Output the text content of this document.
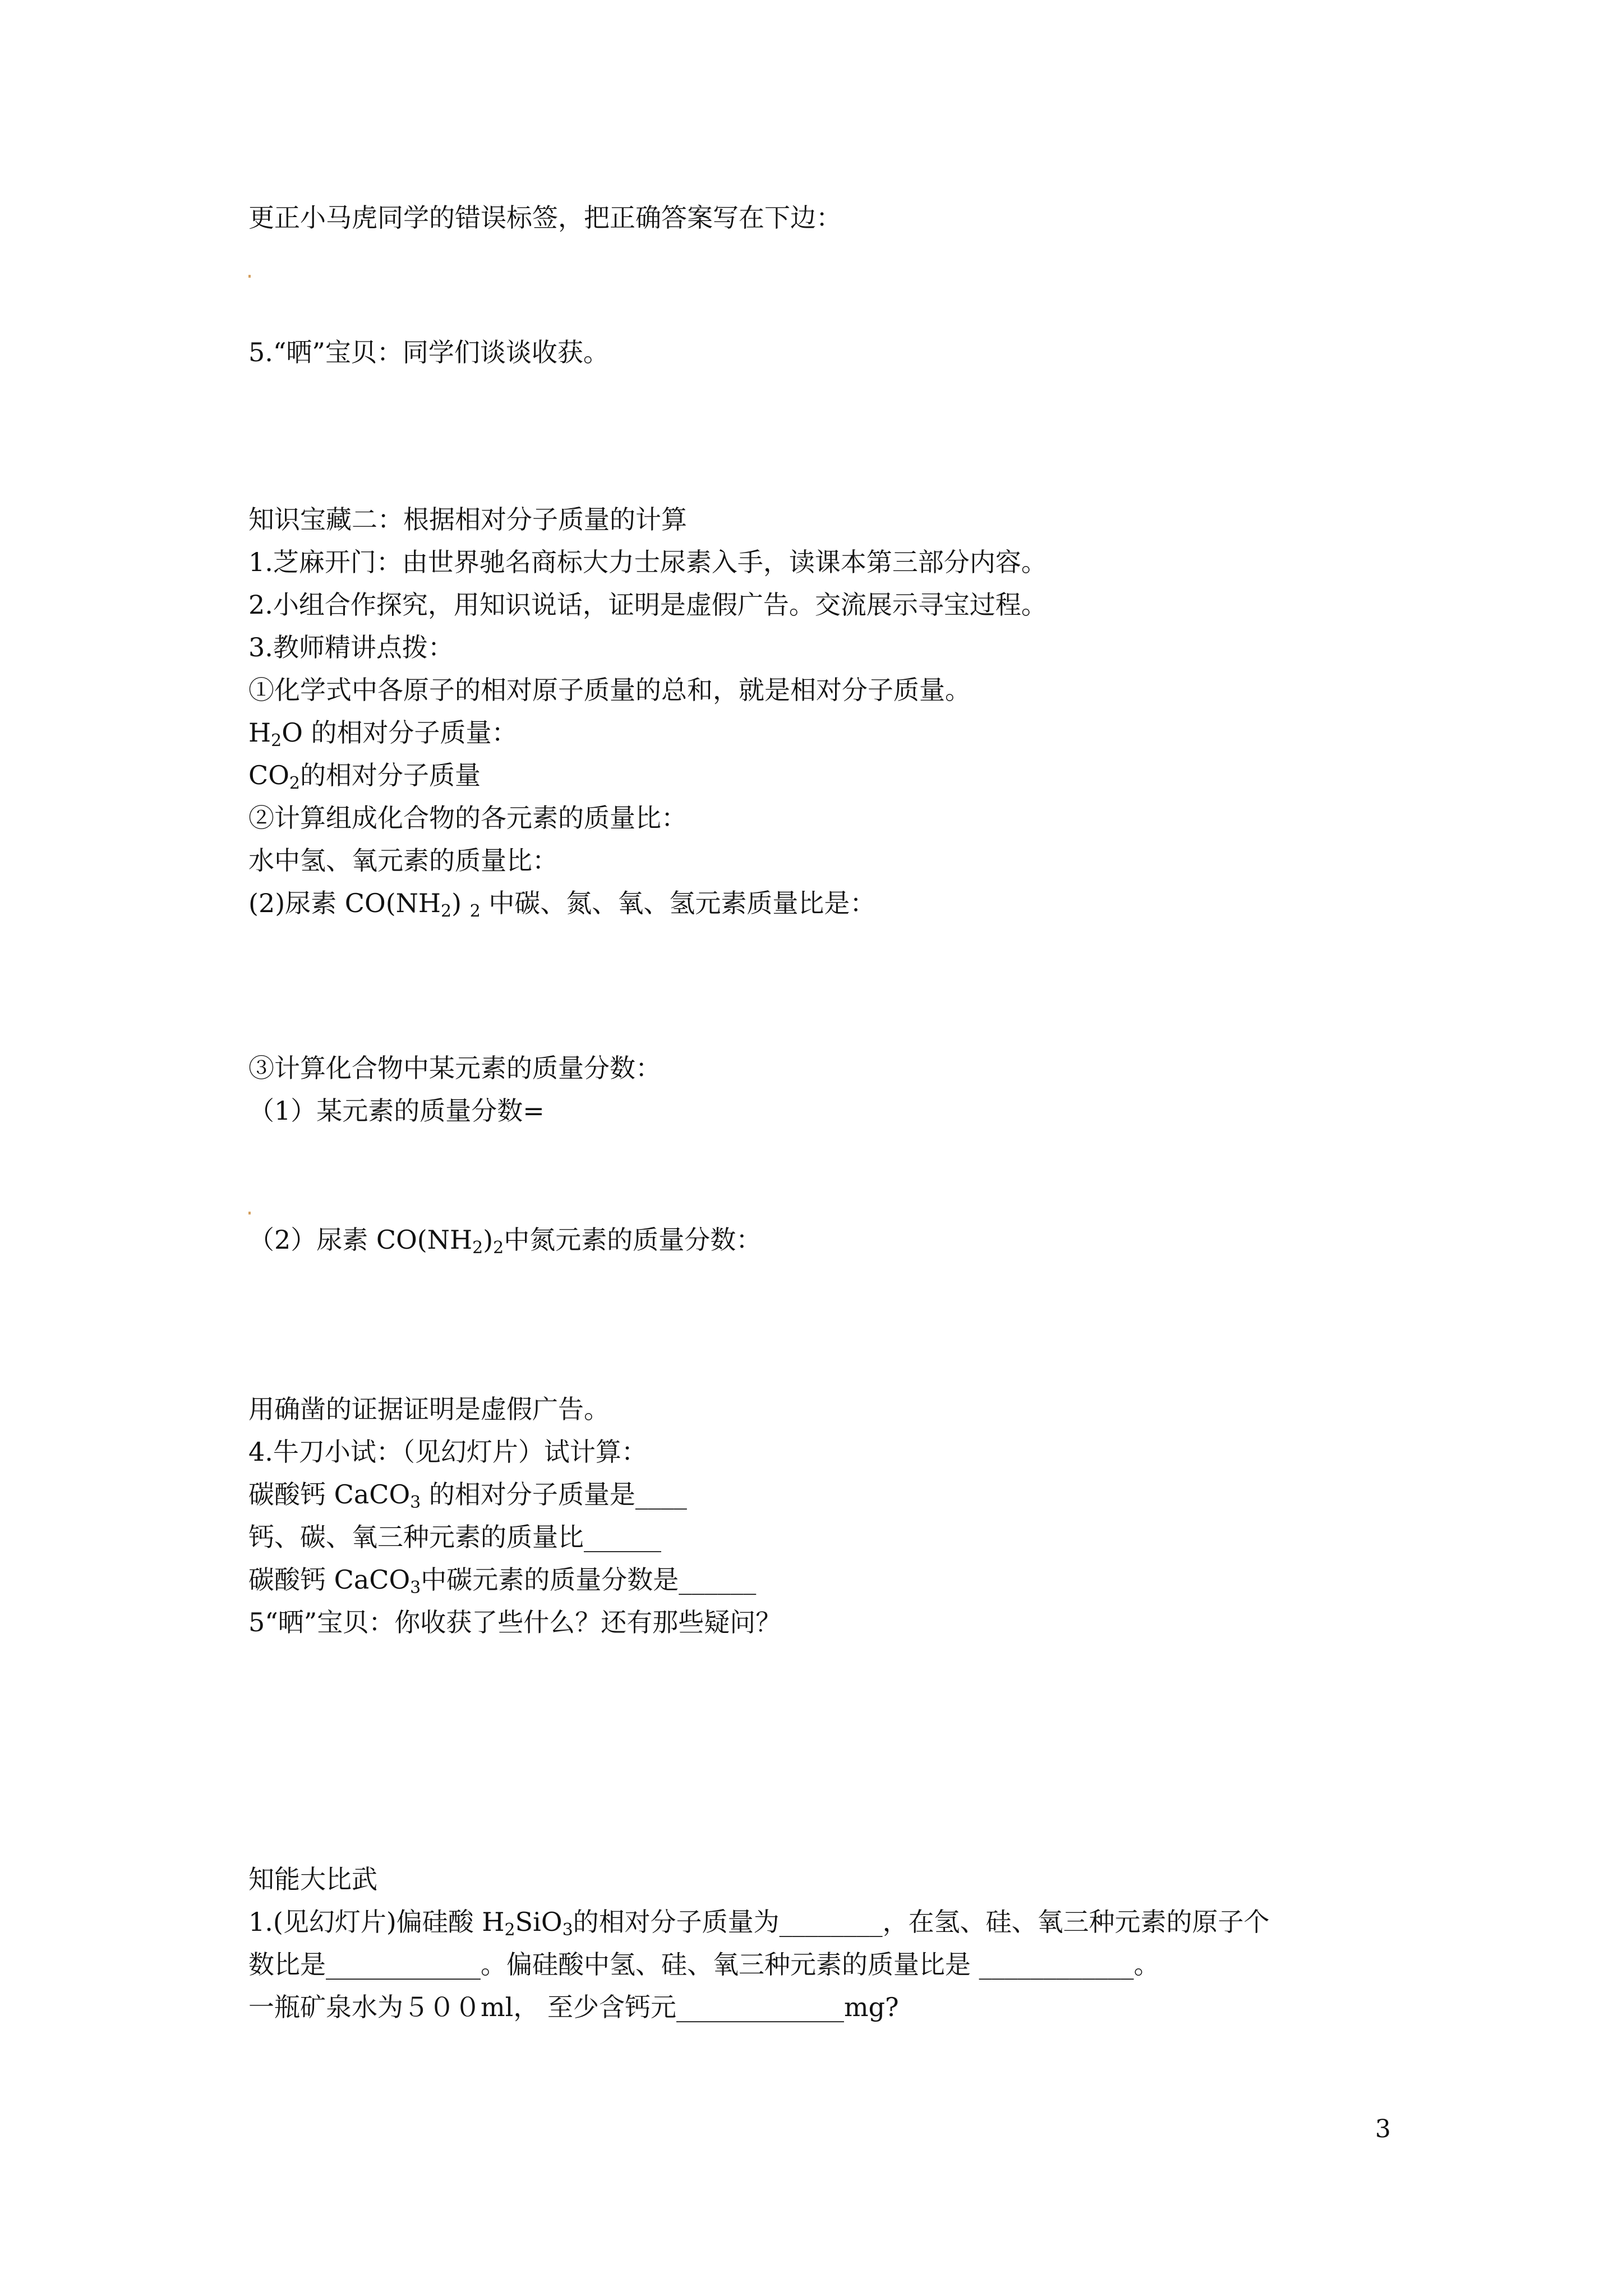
更正小马虎同学的错误标签，把正确答案写在下边：
5.“晒”宝贝：同学们谈谈收获。
知识宝藏二：根据相对分子质量的计算
1.芝麻开门：由世界驰名商标大力士尿素入手，读课本第三部分内容。
2.小组合作探究，用知识说话，证明是虚假广告。交流展示寻宝过程。
3.教师精讲点拨：
①化学式中各原子的相对原子质量的总和，就是相对分子质量。
$H_2O$ 的相对分子质量：
$CO_2$的相对分子质量
②计算组成化合物的各元素的质量比：
水中氢、氧元素的质量比：
(2)尿素 $CO(NH_2)$ $_2$ 中碳、氮、氧、氢元素质量比是：
③计算化合物中某元素的质量分数：
（1）某元素的质量分数=
（2）尿素 $CO(NH_2)_2$中氮元素的质量分数：
用确凿的证据证明是虚假广告。
4.牛刀小试：（见幻灯片）试计算：
碳酸钙 CaCO$_3$ 的相对分子质量是____
钙、碳、氧三种元素的质量比______
碳酸钙 CaCO$_3$中碳元素的质量分数是______
5“晒”宝贝：你收获了些什么？还有那些疑问？
知能大比武
1.(见幻灯片)偏硅酸 $H_2SiO_3$的相对分子质量为________，在氢、硅、氧三种元素的原子个
数比是____________。偏硅酸中氢、硅、氧三种元素的质量比是 ____________。
一瓶矿泉水为５００ml， 至少含钙元_____________mg?
3
